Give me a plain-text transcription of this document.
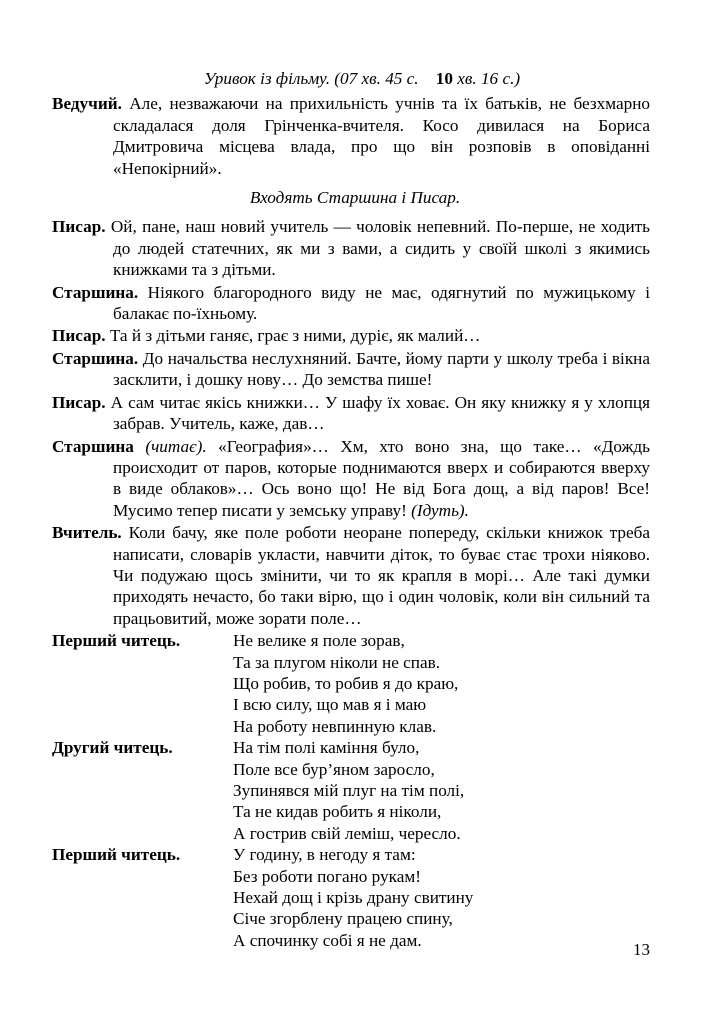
Уривок із фільму. (07 хв. 45 с. 10 хв. 16 с.)

Ведучий. Але, незважаючи на прихильність учнів та їх батьків, не безхмарно складалася доля Грінченка-вчителя. Косо дивилася на Бориса Дмитровича місцева влада, про що він розповів в оповіданні «Непокірний».

Входять Старшина і Писар.

Писар. Ой, пане, наш новий учитель — чоловік непевний. По-перше, не ходить до людей статечних, як ми з вами, а сидить у своїй школі з якимись книжками та з дітьми.

Старшина. Ніякого благородного виду не має, одягнутий по мужицькому і балакає по-їхньому.

Писар. Та й з дітьми ганяє, грає з ними, дуріє, як малий…

Старшина. До начальства неслухняний. Бачте, йому парти у школу треба і вікна засклити, і дошку нову… До земства пише!

Писар. А сам читає якісь книжки… У шафу їх ховає. Он яку книжку я у хлопця забрав. Учитель, каже, дав…

Старшина (читає). «География»… Хм, хто воно зна, що таке… «Дождь происходит от паров, которые поднимаются вверх и собираются вверху в виде облаков»… Ось воно що! Не від Бога дощ, а від паров! Все! Мусимо тепер писати у земську управу! (Ідуть).

Вчитель. Коли бачу, яке поле роботи неоране попереду, скільки книжок треба написати, словарів укласти, навчити діток, то буває стає трохи ніяково. Чи подужаю щось змінити, чи то як крапля в морі… Але такі думки приходять нечасто, бо таки вірю, що і один чоловік, коли він сильний та працьовитий, може зорати поле…

Перший читець.	Не велике я поле зорав,
Та за плугом ніколи не спав.
Що робив, то робив я до краю,
І всю силу, що мав я і маю
На роботу невпинную клав.
Другий читець.	На тім полі каміння було,
Поле все бур’яном заросло,
Зупинявся мій плуг на тім полі,
Та не кидав робить я ніколи,
А гострив свій леміш, чересло.
Перший читець.	У годину, в негоду я там:
Без роботи погано рукам!
Нехай дощ і крізь драну свитину
Січе згорблену працею спину,
А спочинку собі я не дам.	13
